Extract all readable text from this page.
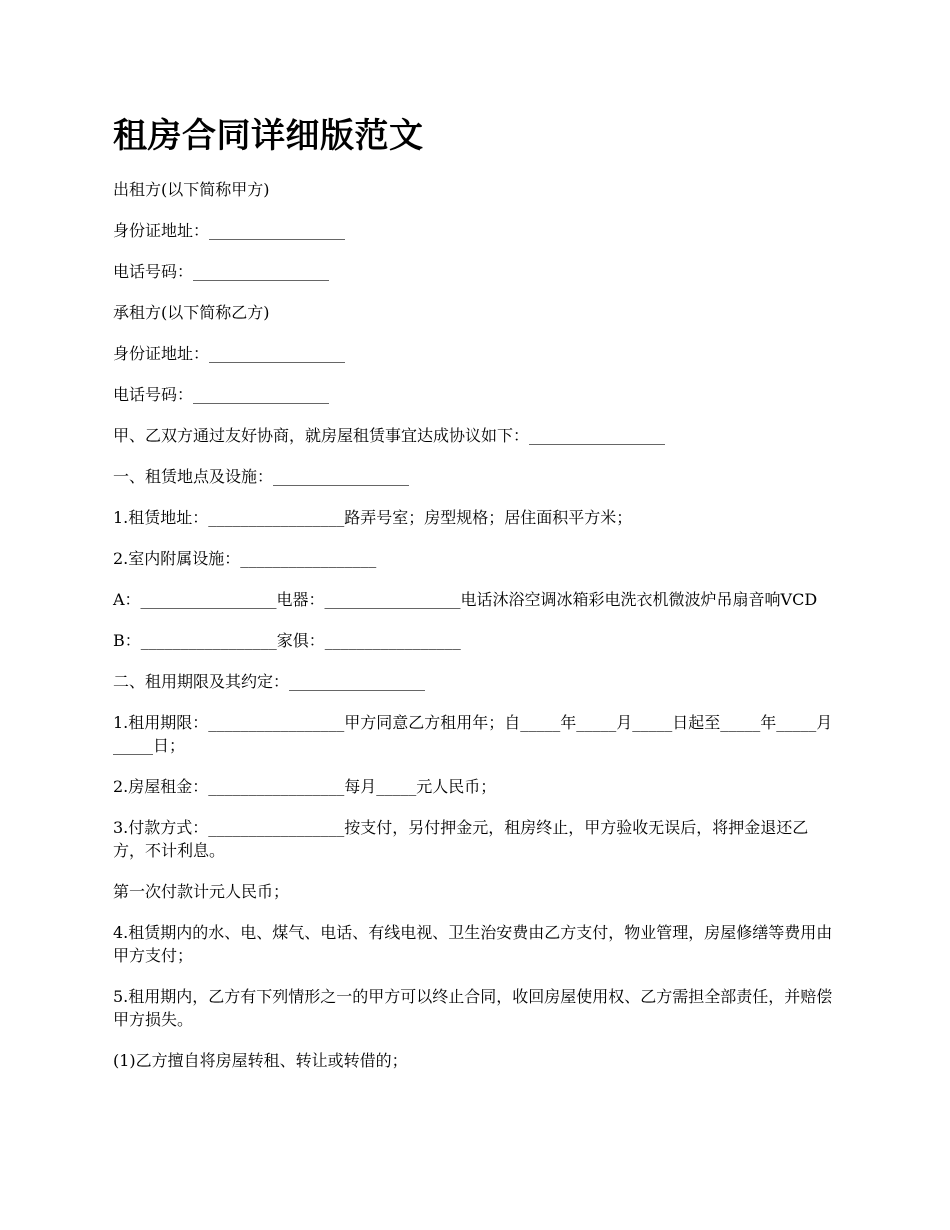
租房合同详细版范文

出租方(以下简称甲方)

身份证地址：_________________

电话号码：_________________

承租方(以下简称乙方)

身份证地址：_________________

电话号码：_________________

甲、乙双方通过友好协商，就房屋租赁事宜达成协议如下：_________________

一、租赁地点及设施：_________________

1.租赁地址：_________________路弄号室；房型规格；居住面积平方米；

2.室内附属设施：_________________

A：_________________电器：_________________电话沐浴空调冰箱彩电洗衣机微波炉吊扇音响VCD

B：_________________家俱：_________________

二、租用期限及其约定：_________________

1.租用期限：_________________甲方同意乙方租用年；自_____年_____月_____日起至_____年_____月_____日；

2.房屋租金：_________________每月_____元人民币；

3.付款方式：_________________按支付，另付押金元，租房终止，甲方验收无误后，将押金退还乙方，不计利息。

第一次付款计元人民币；

4.租赁期内的水、电、煤气、电话、有线电视、卫生治安费由乙方支付，物业管理，房屋修缮等费用由甲方支付；

5.租用期内，乙方有下列情形之一的甲方可以终止合同，收回房屋使用权、乙方需担全部责任，并赔偿甲方损失。

(1)乙方擅自将房屋转租、转让或转借的；
